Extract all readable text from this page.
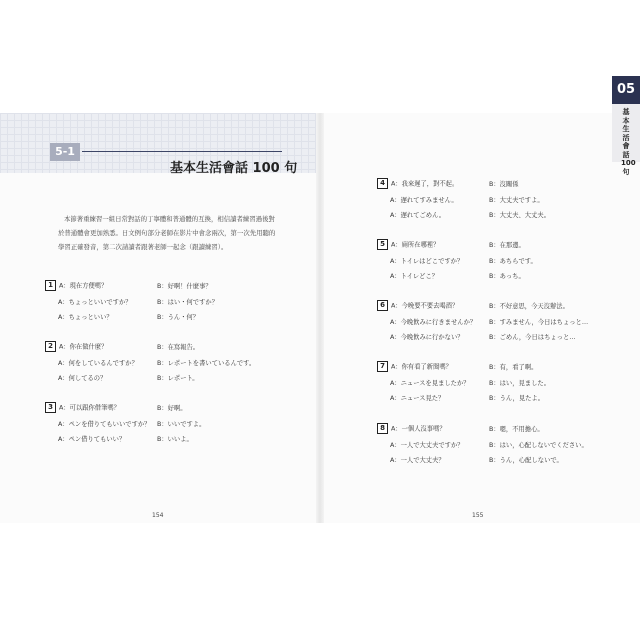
5-1
基本生活會話 100 句
本節著重練習一組日常對話的丁寧體和普通體的互換，相信讀者練習過後對於普通體會更加熟悉。日文例句部分老師在影片中會念兩次，第一次先用聽的學習正確發音，第二次請讀者跟著老師一起念（跟讀練習）。
1 A：現在方便嗎？	B：好啊！什麼事？
A：ちょっといいですか？	B：はい・何ですか？
A：ちょっといい？	B：うん・何？
2 A：你在做什麼？	B：在寫報告。
A：何をしているんですか？	B：レポートを書いているんです。
A：何してるの？	B：レポート。
3 A：可以跟你借筆嗎？	B：好啊。
A：ペンを借りてもいいですか？ B：いいですよ。
A：ペン借りてもいい？	B：いいよ。
154
4 A：我來遲了，對不起。	B：沒關係
A：遅れてすみません。	B：大丈夫ですよ。
A：遅れてごめん。	B：大丈夫、大丈夫。
5 A：廁所在哪裡？	B：在那邊。
A：トイレはどこですか？	B：あちらです。
A：トイレどこ？	B：あっち。
6 A：今晚要不要去喝酒？	B：不好意思，今天沒辦法。
A：今晩飲みに行きませんか？ B：すみません，今日はちょっと…
A：今晩飲みに行かない？	B：ごめん，今日はちょっと…
7 A：你有看了新聞嗎？	B：有，看了啊。
A：ニュースを見ましたか？	B：はい，見ました。
A：ニュース見た？	B：うん，見たよ。
8 A：一個人沒事嗎？	B：嗯，不用擔心。
A：一人で大丈夫ですか？	B：はい，心配しないでください。
A：一人で大丈夫？	B：うん，心配しないで。
155
05
基本生活會話100句
